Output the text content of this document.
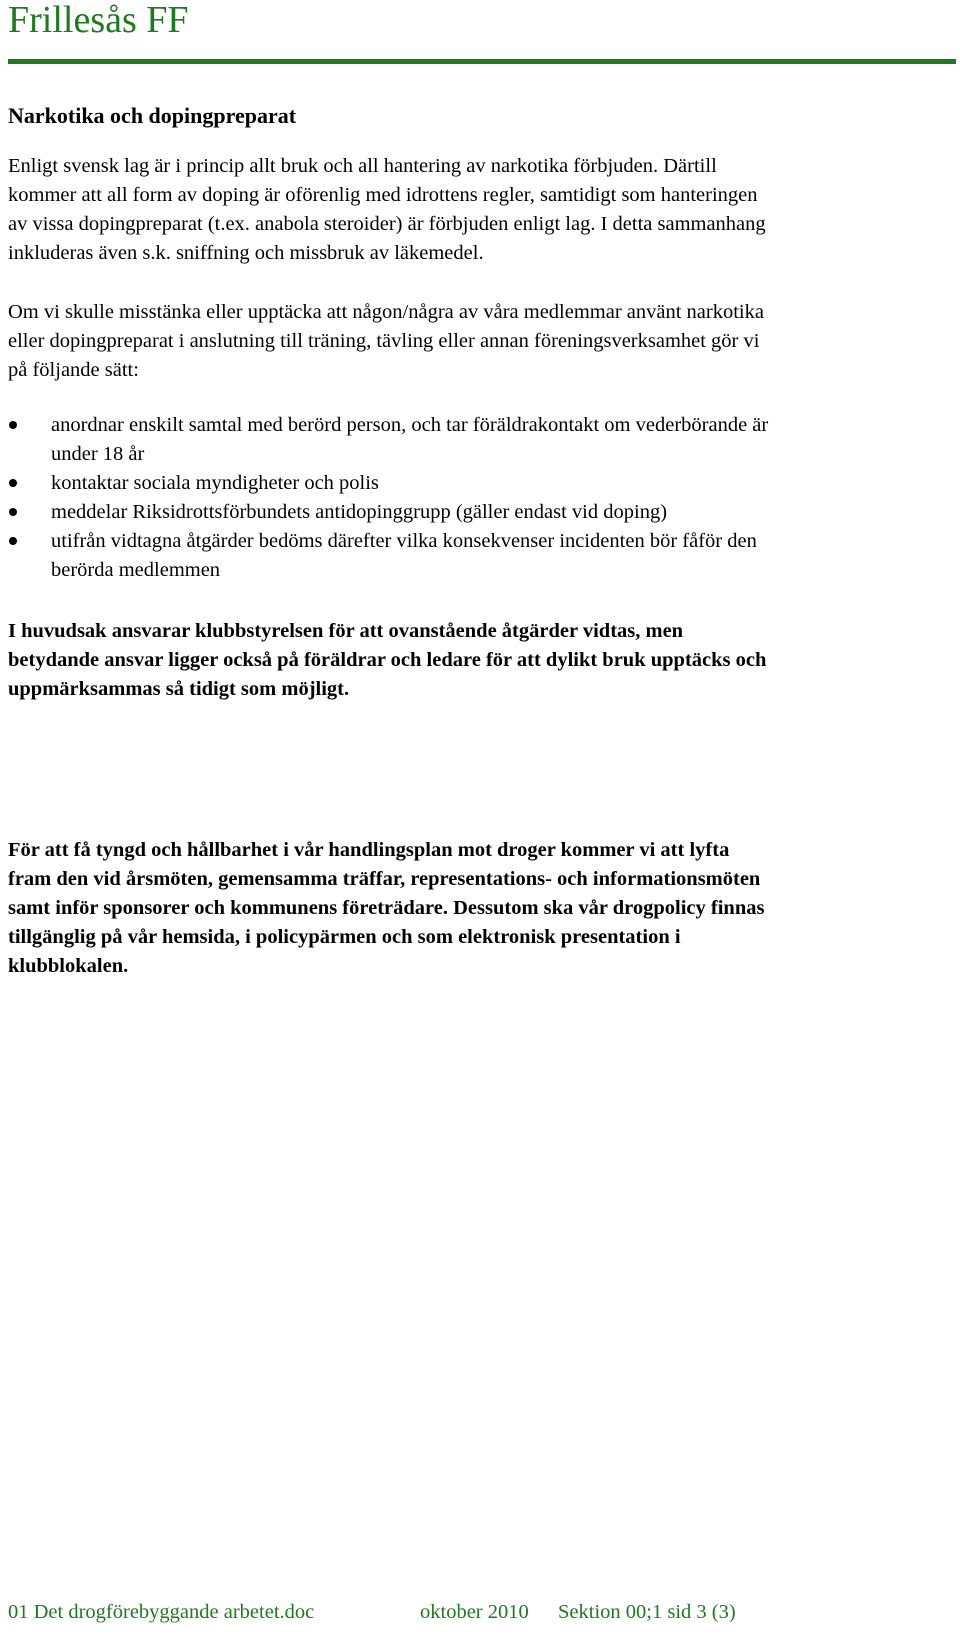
Frillesås FF
Narkotika och dopingpreparat

Enligt svensk lag är i princip allt bruk och all hantering av narkotika förbjuden. Därtill
kommer att all form av doping är oförenlig med idrottens regler, samtidigt som hanteringen
av vissa dopingpreparat (t.ex. anabola steroider) är förbjuden enligt lag. I detta sammanhang
inkluderas även s.k. sniffning och missbruk av läkemedel.

Om vi skulle misstänka eller upptäcka att någon/några av våra medlemmar använt narkotika
eller dopingpreparat i anslutning till träning, tävling eller annan föreningsverksamhet gör vi
på följande sätt:

anordnar enskilt samtal med berörd person, och tar föräldrakontakt om vederbörande är
under 18 år
kontaktar sociala myndigheter och polis
meddelar Riksidrottsförbundets antidopinggrupp (gäller endast vid doping)
utifrån vidtagna åtgärder bedöms därefter vilka konsekvenser incidenten bör fåför den
berörda medlemmen

I huvudsak ansvarar klubbstyrelsen för att ovanstående åtgärder vidtas, men
betydande ansvar ligger också på föräldrar och ledare för att dylikt bruk upptäcks och
uppmärksammas så tidigt som möjligt.

För att få tyngd och hållbarhet i vår handlingsplan mot droger kommer vi att lyfta
fram den vid årsmöten, gemensamma träffar, representations- och informationsmöten
samt inför sponsorer och kommunens företrädare. Dessutom ska vår drogpolicy finnas
tillgänglig på vår hemsida, i policypärmen och som elektronisk presentation i
klubblokalen.

01 Det drogförebyggande arbetet.doc	oktober 2010 Sektion 00;1 sid 3 (3)
